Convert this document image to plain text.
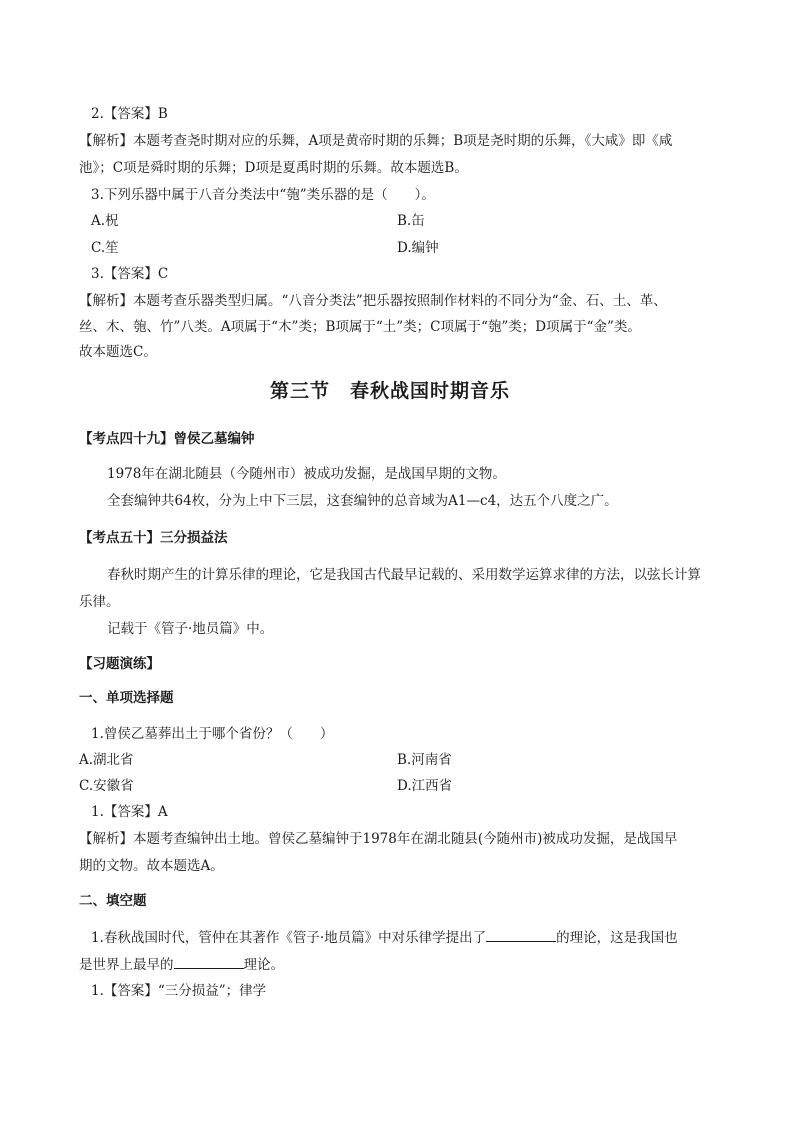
2.【答案】B
【解析】本题考查尧时期对应的乐舞，A项是黄帝时期的乐舞；B项是尧时期的乐舞，《大咸》即《咸
池》；C项是舜时期的乐舞；D项是夏禹时期的乐舞。故本题选B。
3.下列乐器中属于八音分类法中“匏”类乐器的是（　　）。
A.柷	B.缶
C.笙	D.编钟
3.【答案】C
【解析】本题考查乐器类型归属。“八音分类法”把乐器按照制作材料的不同分为“金、石、土、革、
丝、木、匏、竹”八类。A项属于“木”类；B项属于“土”类；C项属于“匏”类；D项属于“金”类。
故本题选C。
第三节　春秋战国时期音乐
【考点四十九】曾侯乙墓编钟
1978年在湖北随县（今随州市）被成功发掘，是战国早期的文物。
全套编钟共64枚，分为上中下三层，这套编钟的总音域为A1—c4，达五个八度之广。
【考点五十】三分损益法
春秋时期产生的计算乐律的理论，它是我国古代最早记载的、采用数学运算求律的方法，以弦长计算
乐律。
记载于《管子·地员篇》中。
【习题演练】
一、单项选择题
1.曾侯乙墓葬出土于哪个省份？（　　）
A.湖北省	B.河南省
C.安徽省	D.江西省
1.【答案】A
【解析】本题考查编钟出土地。曾侯乙墓编钟于1978年在湖北随县(今随州市)被成功发掘，是战国早
期的文物。故本题选A。
二、填空题
1.春秋战国时代，管仲在其著作《管子·地员篇》中对乐律学提出了	的理论，这是我国也
是世界上最早的	理论。
1.【答案】“三分损益”；律学
